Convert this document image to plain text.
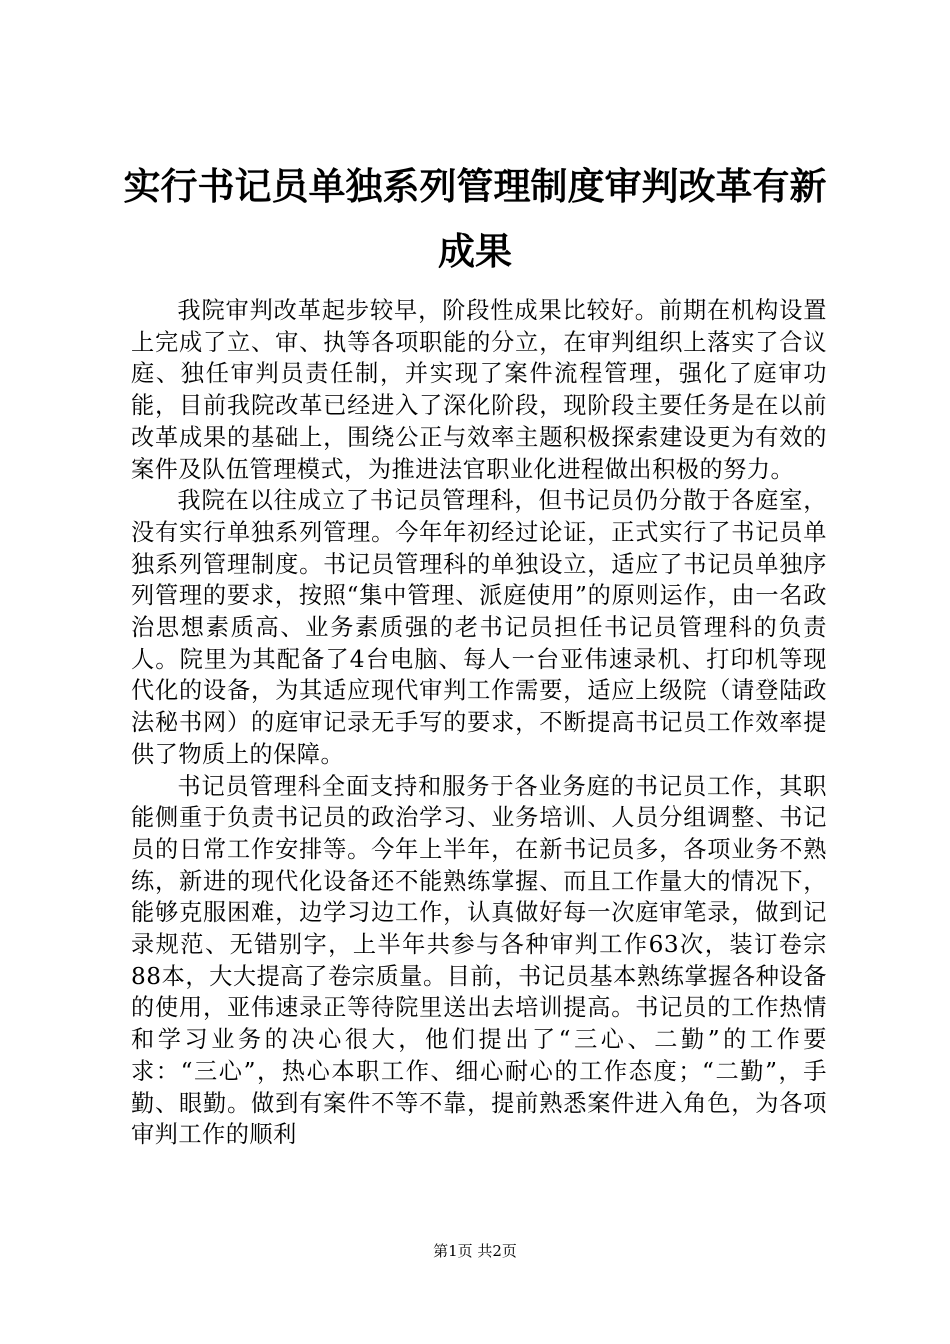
实行书记员单独系列管理制度审判改革有新成果

我院审判改革起步较早，阶段性成果比较好。前期在机构设置上完成了立、审、执等各项职能的分立，在审判组织上落实了合议庭、独任审判员责任制，并实现了案件流程管理，强化了庭审功能，目前我院改革已经进入了深化阶段，现阶段主要任务是在以前改革成果的基础上，围绕公正与效率主题积极探索建设更为有效的案件及队伍管理模式，为推进法官职业化进程做出积极的努力。

我院在以往成立了书记员管理科，但书记员仍分散于各庭室，没有实行单独系列管理。今年年初经过论证，正式实行了书记员单独系列管理制度。书记员管理科的单独设立，适应了书记员单独序列管理的要求，按照“集中管理、派庭使用”的原则运作，由一名政治思想素质高、业务素质强的老书记员担任书记员管理科的负责人。院里为其配备了4台电脑、每人一台亚伟速录机、打印机等现代化的设备，为其适应现代审判工作需要，适应上级院（请登陆政法秘书网）的庭审记录无手写的要求，不断提高书记员工作效率提供了物质上的保障。

书记员管理科全面支持和服务于各业务庭的书记员工作，其职能侧重于负责书记员的政治学习、业务培训、人员分组调整、书记员的日常工作安排等。今年上半年，在新书记员多，各项业务不熟练，新进的现代化设备还不能熟练掌握、而且工作量大的情况下，能够克服困难，边学习边工作，认真做好每一次庭审笔录，做到记录规范、无错别字，上半年共参与各种审判工作63次，装订卷宗88本，大大提高了卷宗质量。目前，书记员基本熟练掌握各种设备的使用，亚伟速录正等待院里送出去培训提高。书记员的工作热情和学习业务的决心很大，他们提出了“三心、二勤”的工作要求：“三心”，热心本职工作、细心耐心的工作态度；“二勤”，手勤、眼勤。做到有案件不等不靠，提前熟悉案件进入角色，为各项审判工作的顺利

第1页 共2页
